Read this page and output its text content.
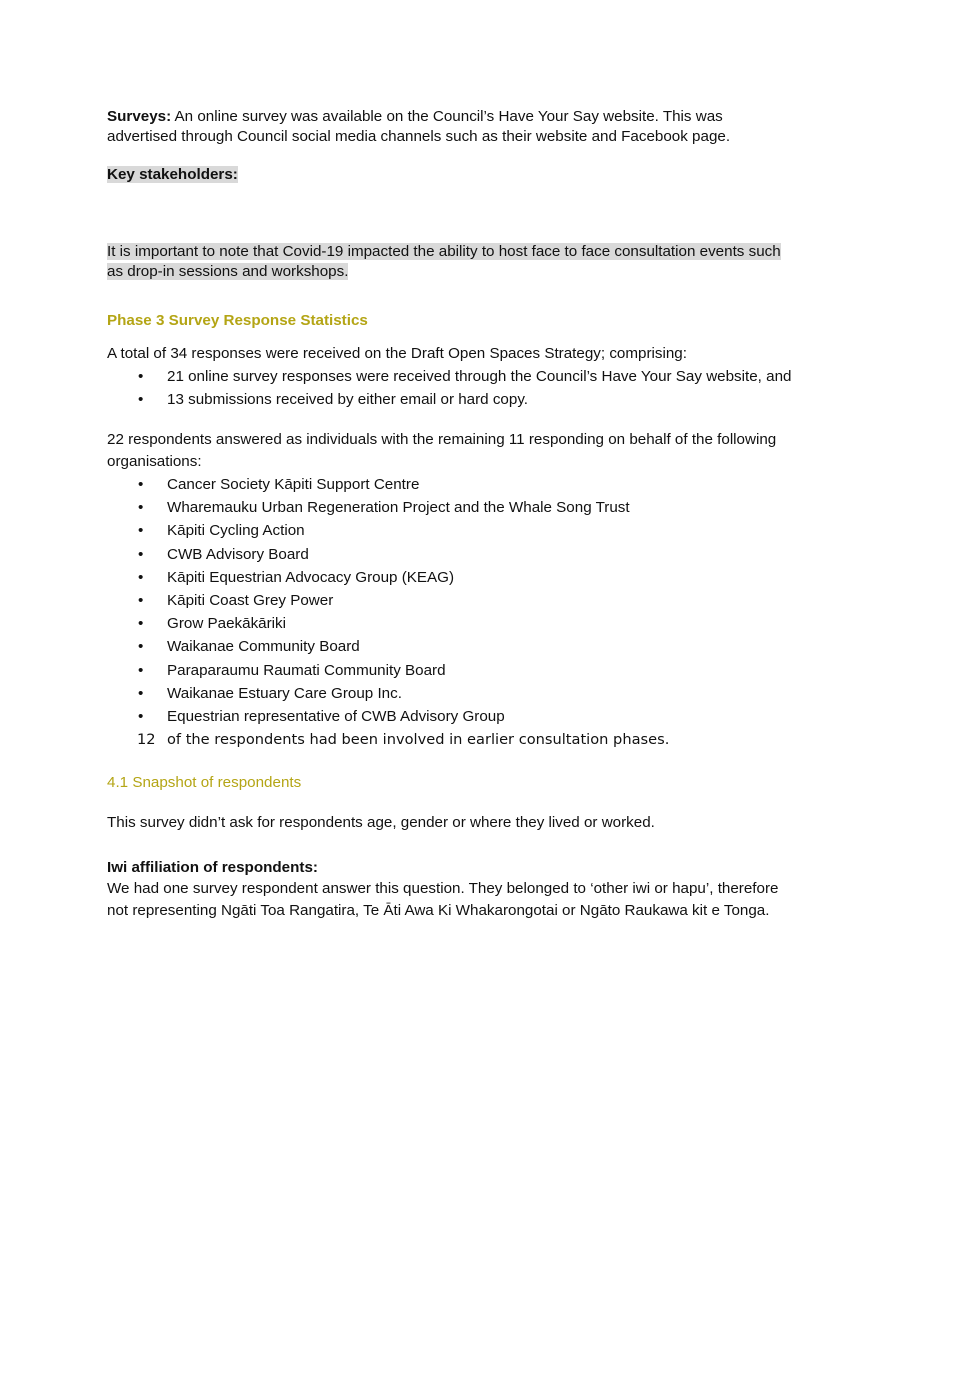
Surveys: An online survey was available on the Council’s Have Your Say website. This was

advertised through Council social media channels such as their website and Facebook page.

Key stakeholders:

It is important to note that Covid-19 impacted the ability to host face to face consultation events such

as drop-in sessions and workshops.

Phase 3 Survey Response Statistics

A total of 34 responses were received on the Draft Open Spaces Strategy; comprising:

• 21 online survey responses were received through the Council’s Have Your Say website, and
• 13 submissions received by either email or hard copy.

22 respondents answered as individuals with the remaining 11 responding on behalf of the following

organisations:

• Cancer Society Kāpiti Support Centre
• Wharemauku Urban Regeneration Project and the Whale Song Trust
• Kāpiti Cycling Action
• CWB Advisory Board
• Kāpiti Equestrian Advocacy Group (KEAG)
• Kāpiti Coast Grey Power
• Grow Paekākāriki
• Waikanae Community Board
• Paraparaumu Raumati Community Board
• Waikanae Estuary Care Group Inc.
• Equestrian representative of CWB Advisory Group
12 of the respondents had been involved in earlier consultation phases.

4.1 Snapshot of respondents

This survey didn’t ask for respondents age, gender or where they lived or worked.

Iwi affiliation of respondents:

We had one survey respondent answer this question. They belonged to ‘other iwi or hapu’, therefore

not representing Ngāti Toa Rangatira, Te Āti Awa Ki Whakarongotai or Ngāto Raukawa kit e Tonga.
